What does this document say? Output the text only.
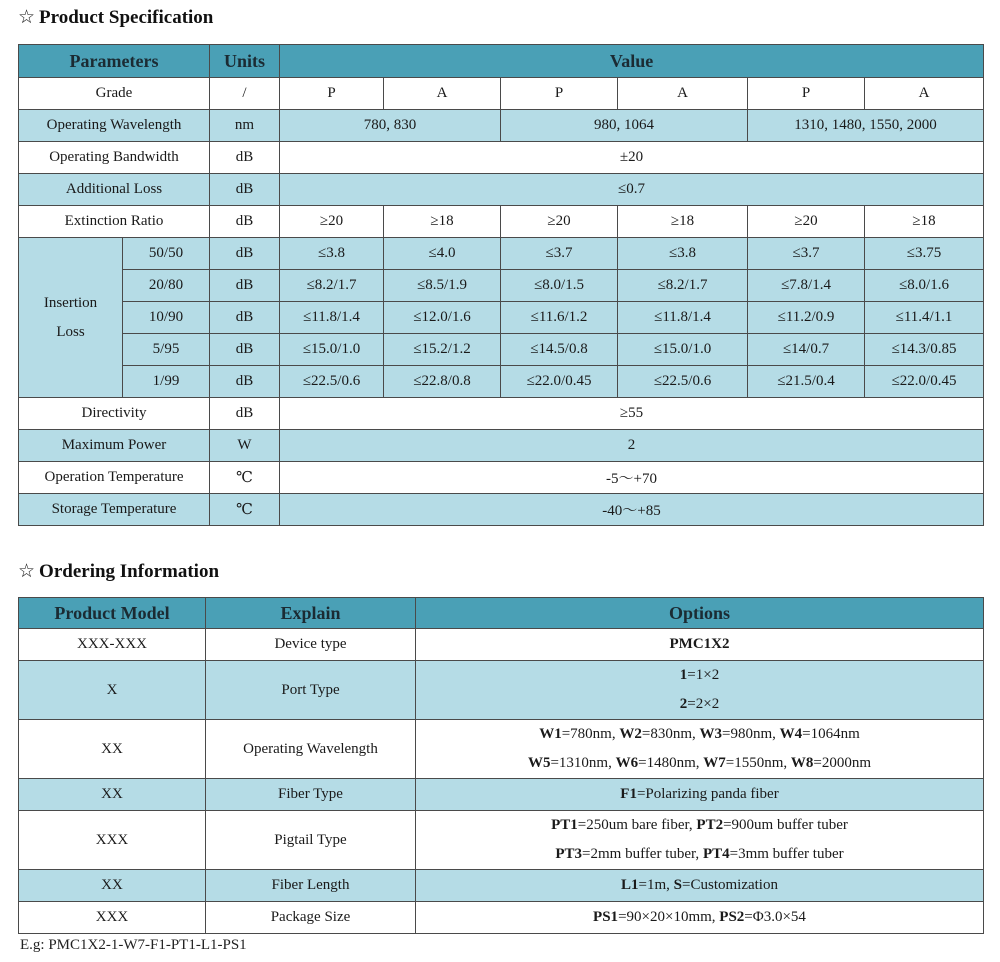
☆ Product Specification
Parameters		Units	Value					
Grade		/	P	A	P	A	P	A
Operating Wavelength		nm	780, 830		980, 1064		1310, 1480, 1550, 2000	
Operating Bandwidth		dB	±20					
Additional Loss		dB	≤0.7					
Extinction Ratio		dB	≥20	≥18	≥20	≥18	≥20	≥18
Insertion
Loss	50/50	dB	≤3.8	≤4.0	≤3.7	≤3.8	≤3.7	≤3.75
	20/80	dB	≤8.2/1.7	≤8.5/1.9	≤8.0/1.5	≤8.2/1.7	≤7.8/1.4	≤8.0/1.6
	10/90	dB	≤11.8/1.4	≤12.0/1.6	≤11.6/1.2	≤11.8/1.4	≤11.2/0.9	≤11.4/1.1
	5/95	dB	≤15.0/1.0	≤15.2/1.2	≤14.5/0.8	≤15.0/1.0	≤14/0.7	≤14.3/0.85
	1/99	dB	≤22.5/0.6	≤22.8/0.8	≤22.0/0.45	≤22.5/0.6	≤21.5/0.4	≤22.0/0.45
Directivity		dB	≥55					
Maximum Power		W	2					
Operation Temperature		℃	-5～+70					
Storage Temperature		℃	-40～+85					
☆ Ordering Information
Product Model	Explain	Options
XXX-XXX	Device type	PMC1X2

X	Port Type	1=1×2
2=2×2

XX	Operating Wavelength	W1=780nm, W2=830nm, W3=980nm, W4=1064nm
W5=1310nm, W6=1480nm, W7=1550nm, W8=2000nm

XX	Fiber Type	F1=Polarizing panda fiber

XXX	Pigtail Type	PT1=250um bare fiber, PT2=900um buffer tuber
PT3=2mm buffer tuber, PT4=3mm buffer tuber

XX	Fiber Length	L1=1m, S=Customization

XXX	Package Size	PS1=90×20×10mm, PS2=Φ3.0×54

E.g: PMC1X2-1-W7-F1-PT1-L1-PS1
